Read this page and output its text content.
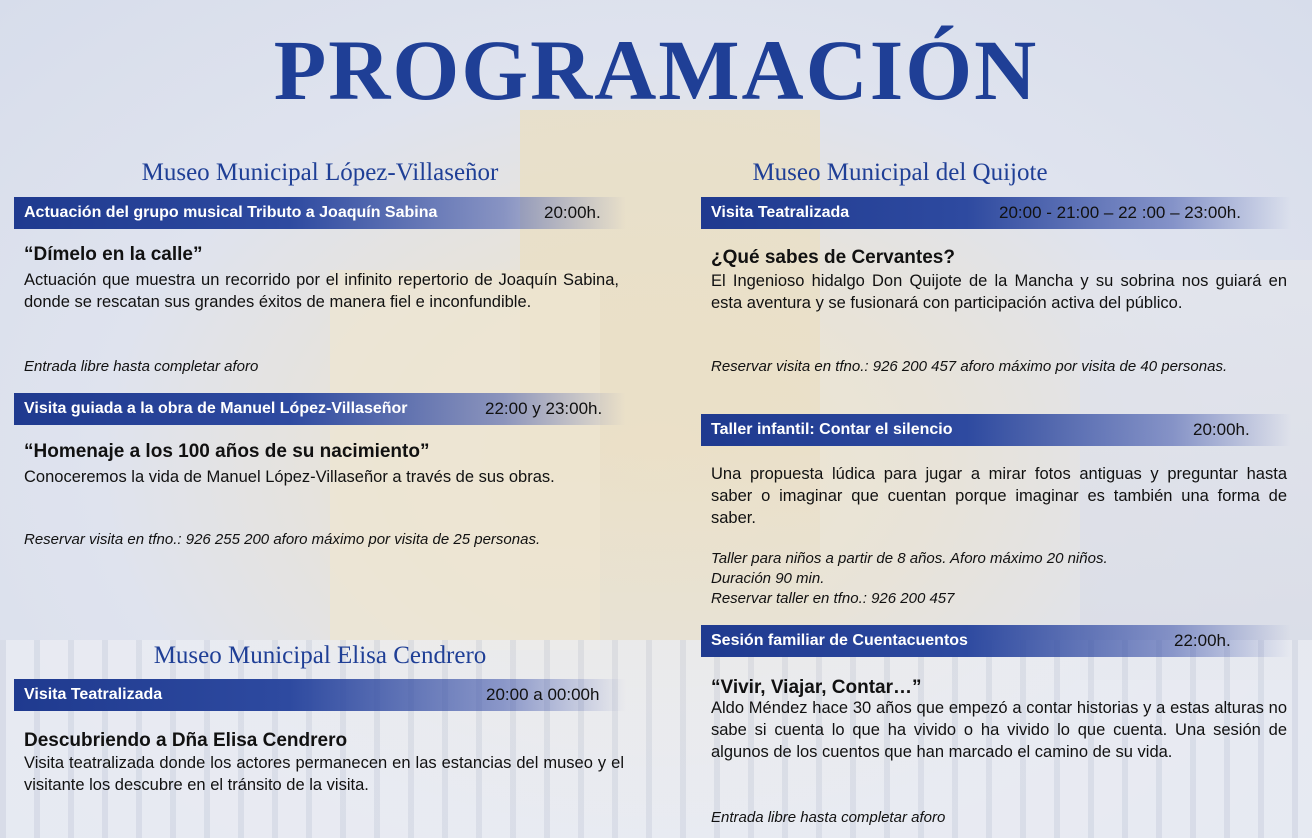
PROGRAMACIÓN
Museo Municipal López-Villaseñor
Actuación del grupo musical Tributo a Joaquín Sabina	20:00h.
“Dímelo en la calle”
Actuación que muestra un recorrido por el infinito repertorio de Joaquín Sabina, donde se rescatan sus grandes éxitos de manera fiel e inconfundible.
Entrada libre hasta completar aforo
Visita guiada a la obra de Manuel López-Villaseñor	22:00 y 23:00h.
“Homenaje a los 100 años de su nacimiento”
Conoceremos la vida de Manuel López-Villaseñor a través de sus obras.
Reservar visita en tfno.: 926 255 200 aforo máximo por visita de 25 personas.
Museo Municipal Elisa Cendrero
Visita Teatralizada	20:00 a 00:00h
Descubriendo a Dña Elisa Cendrero
Visita teatralizada donde los actores permanecen en las estancias del museo y el visitante los descubre en el tránsito de la visita.
Museo Municipal del Quijote
Visita Teatralizada	20:00 - 21:00 – 22 :00 – 23:00h.
¿Qué sabes de Cervantes?
El Ingenioso hidalgo Don Quijote de la Mancha y su sobrina nos guiará en esta aventura y se fusionará con participación activa del público.
Reservar visita en tfno.: 926 200 457 aforo máximo por visita de 40 personas.
Taller infantil: Contar el silencio	20:00h.
Una propuesta lúdica para jugar a mirar fotos antiguas y preguntar hasta saber o imaginar que cuentan porque imaginar es también una forma de saber.
Taller para niños a partir de 8 años. Aforo máximo 20 niños.
Duración 90 min.
Reservar taller en tfno.: 926 200 457
Sesión familiar de Cuentacuentos	22:00h.
“Vivir, Viajar, Contar…”
Aldo Méndez hace 30 años que empezó a contar historias y a estas alturas no sabe si cuenta lo que ha vivido o ha vivido lo que cuenta. Una sesión de algunos de los cuentos que han marcado el camino de su vida.
Entrada libre hasta completar aforo
